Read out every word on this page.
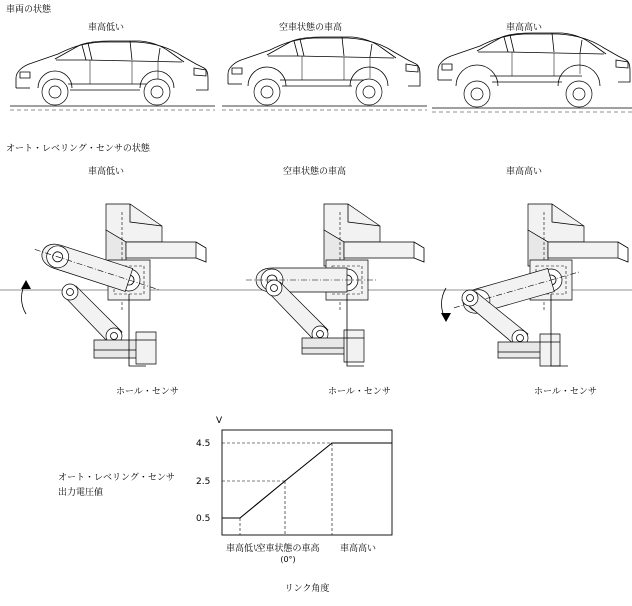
車両の状態
車高低い	空車状態の車高	車高高い
オート・レベリング・センサの状態
車高低い	空車状態の車高	車高高い
ホール・センサ	ホール・センサ	ホール・センサ
オート・レベリング・センサ
出力電圧値
V
4.5
2.5
0.5
車高低い
空車状態の車高
(0°)
車高高い
リンク角度
